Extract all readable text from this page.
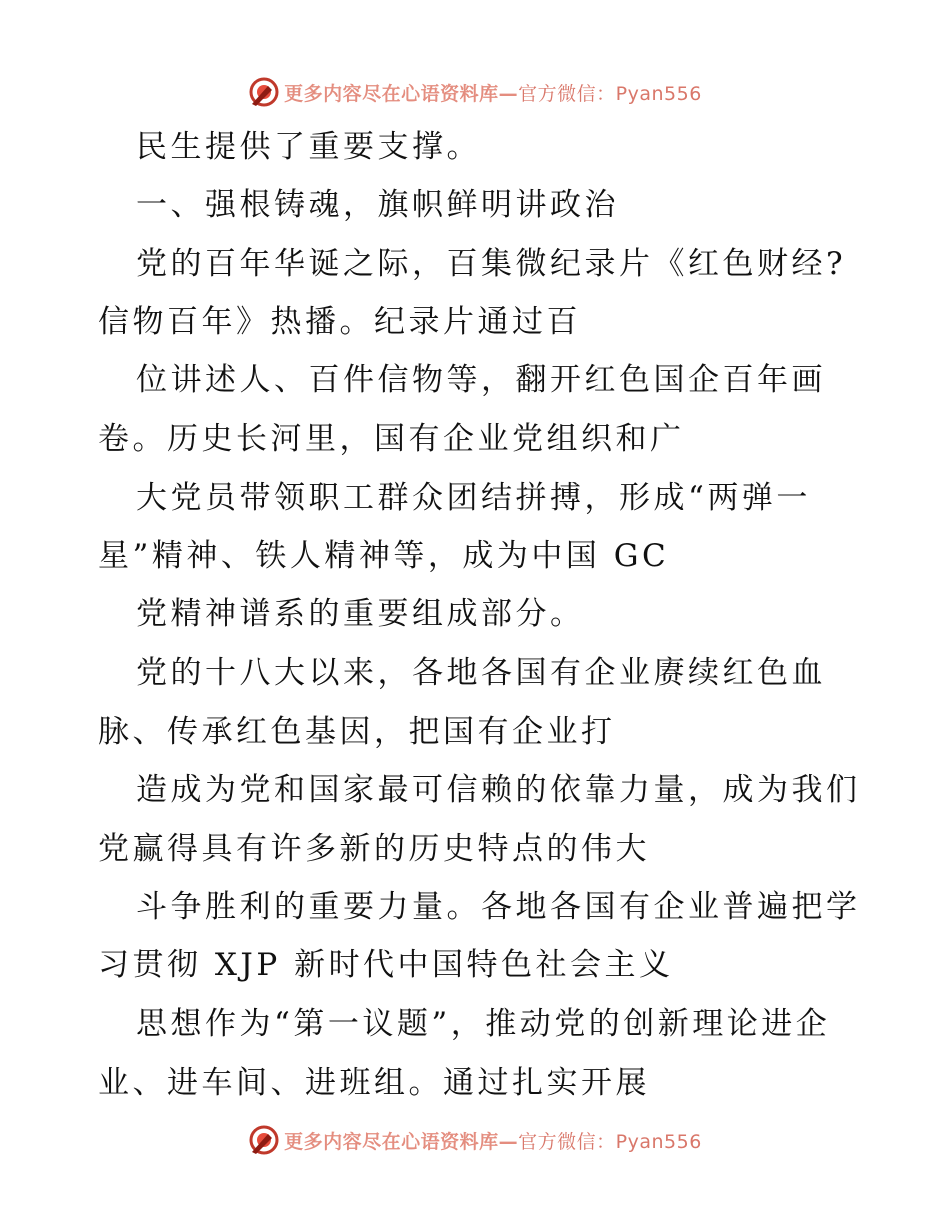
更多内容尽在心语资料库—官方微信：Pyan556
民生提供了重要支撑。
一、强根铸魂，旗帜鲜明讲政治
党的百年华诞之际，百集微纪录片《红色财经?
信物百年》热播。纪录片通过百
位讲述人、百件信物等，翻开红色国企百年画
卷。历史长河里，国有企业党组织和广
大党员带领职工群众团结拼搏，形成“两弹一
星”精神、铁人精神等，成为中国 GC
党精神谱系的重要组成部分。
党的十八大以来，各地各国有企业赓续红色血
脉、传承红色基因，把国有企业打
造成为党和国家最可信赖的依靠力量，成为我们
党赢得具有许多新的历史特点的伟大
斗争胜利的重要力量。各地各国有企业普遍把学
习贯彻 XJP 新时代中国特色社会主义
思想作为“第一议题”，推动党的创新理论进企
业、进车间、进班组。通过扎实开展
更多内容尽在心语资料库—官方微信：Pyan556
